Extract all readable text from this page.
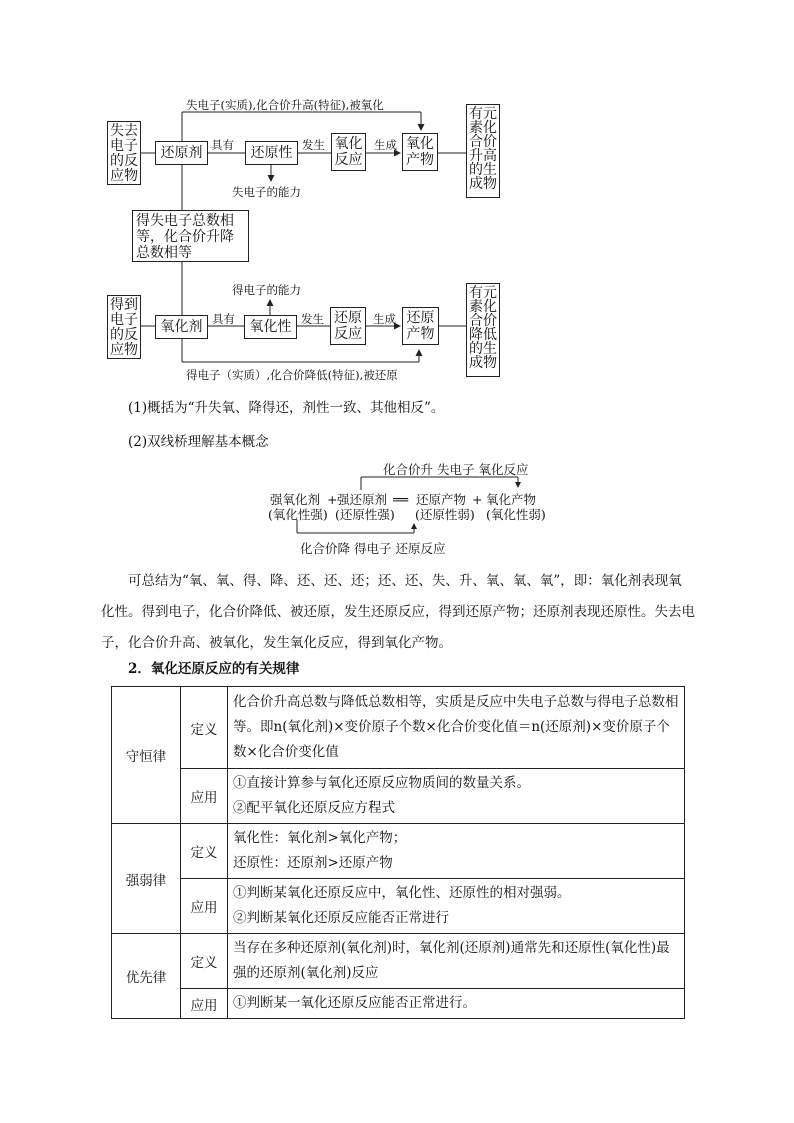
失电子(实质),化合价升高(特征),被氧化
失去电子的反应物
还原剂 具有	还原性 发生 氧化反应
生成 氧化产物
有元素化合价升高的生成物
失电子的能力
得失电子总数相等，化合价升降总数相等
得电子的能力
得到电子的反应物
氧化剂 具有	氧化性 发生 还原反应
生成 还原产物
有元素化合价降低的生成物
得电子（实质）,化合价降低(特征),被还原
(1)概括为“升失氧、降得还，剂性一致、其他相反”。
(2)双线桥理解基本概念
化合价升 失电子 氧化反应
强氧化剂
(氧化性强)
+ 强还原剂
(还原性强)
══ 还原产物
(还原性弱)
+ 氧化产物
(氧化性弱)
化合价降 得电子 还原反应
可总结为“氧、氧、得、降、还、还、还；还、还、失、升、氧、氧、氧”，即：氧化剂表现氧化性。得到电子，化合价降低、被还原，发生还原反应，得到还原产物；还原剂表现还原性。失去电子，化合价升高、被氧化，发生氧化反应，得到氧化产物。
2．氧化还原反应的有关规律
守恒律	定义	化合价升高总数与降低总数相等，实质是反应中失电子总数与得电子总数相等。即n(氧化剂)×变价原子个数×化合价变化值＝n(还原剂)×变价原子个数×化合价变化值
	应用	①直接计算参与氧化还原反应物质间的数量关系。
②配平氧化还原反应方程式

强弱律	定义	氧化性：氧化剂>氧化产物；
还原性：还原剂>还原产物

	应用	①判断某氧化还原反应中，氧化性、还原性的相对强弱。
②判断某氧化还原反应能否正常进行

优先律	定义	当存在多种还原剂(氧化剂)时，氧化剂(还原剂)通常先和还原性(氧化性)最强的还原剂(氧化剂)反应
	应用	①判断某一氧化还原反应能否正常进行。
